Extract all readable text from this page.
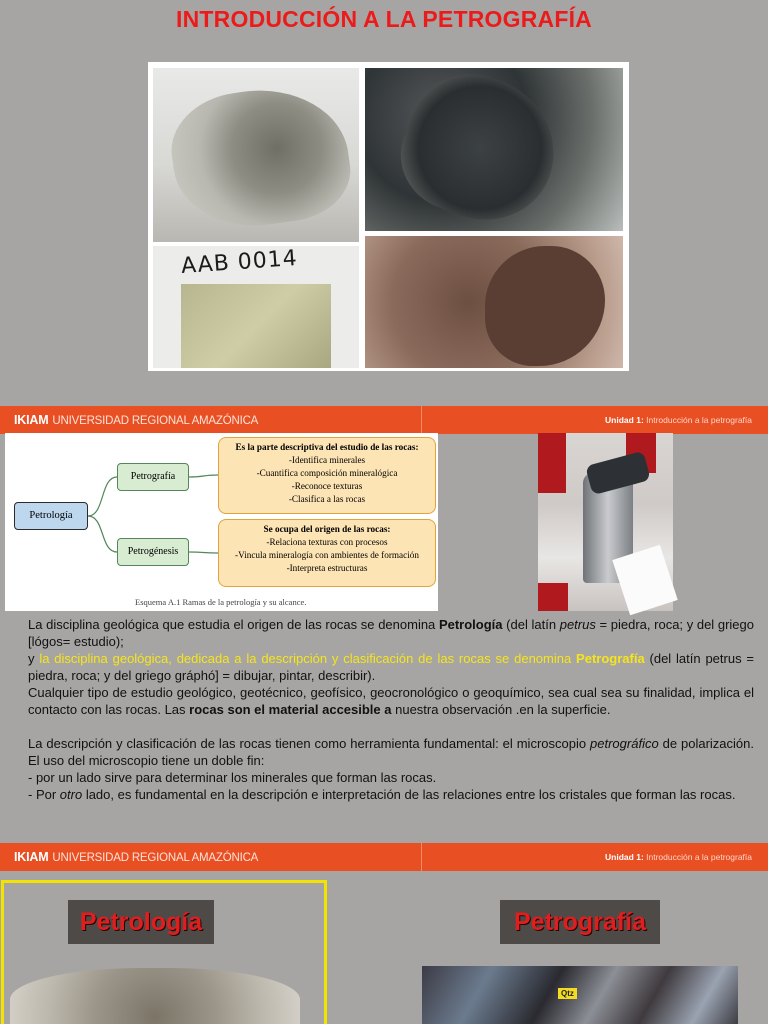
INTRODUCCIÓN A LA PETROGRAFÍA
AAB 0014
IKIAM UNIVERSIDAD REGIONAL AMAZÓNICA	Unidad 1: Introducción a la petrografía
Petrología
Petrografía
Petrogénesis
Es la parte descriptiva del estudio de las rocas:
-Identifica minerales
-Cuantifica composición mineralógica
-Reconoce texturas
-Clasifica a las rocas
Se ocupa del origen de las rocas:
-Relaciona texturas con procesos
-Vincula mineralogía con ambientes de formación
-Interpreta estructuras
Esquema A.1 Ramas de la petrología y su alcance.

La disciplina geológica que estudia el origen de las rocas se denomina Petrología (del latín petrus = piedra, roca; y del griego [lógos= estudio);

y la disciplina geológica, dedicada a la descripción y clasificación de las rocas se denomina Petrografía (del latín petrus = piedra, roca; y del griego gráphó] = dibujar, pintar, describir).

Cualquier tipo de estudio geológico, geotécnico, geofísico, geocronológico o geoquímico, sea cual sea su finalidad, implica el contacto con las rocas. Las rocas son el material accesible a nuestra observación .en la superficie.

La descripción y clasificación de las rocas tienen como herramienta fundamental: el microscopio petrográfico de polarización. El uso del microscopio tiene un doble fin:

- por un lado sirve para determinar los minerales que forman las rocas.

- Por otro lado, es fundamental en la descripción e interpretación de las relaciones entre los cristales que forman las rocas.

IKIAM UNIVERSIDAD REGIONAL AMAZÓNICA	Unidad 1: Introducción a la petrografía
Petrología	Petrografía
Qtz
